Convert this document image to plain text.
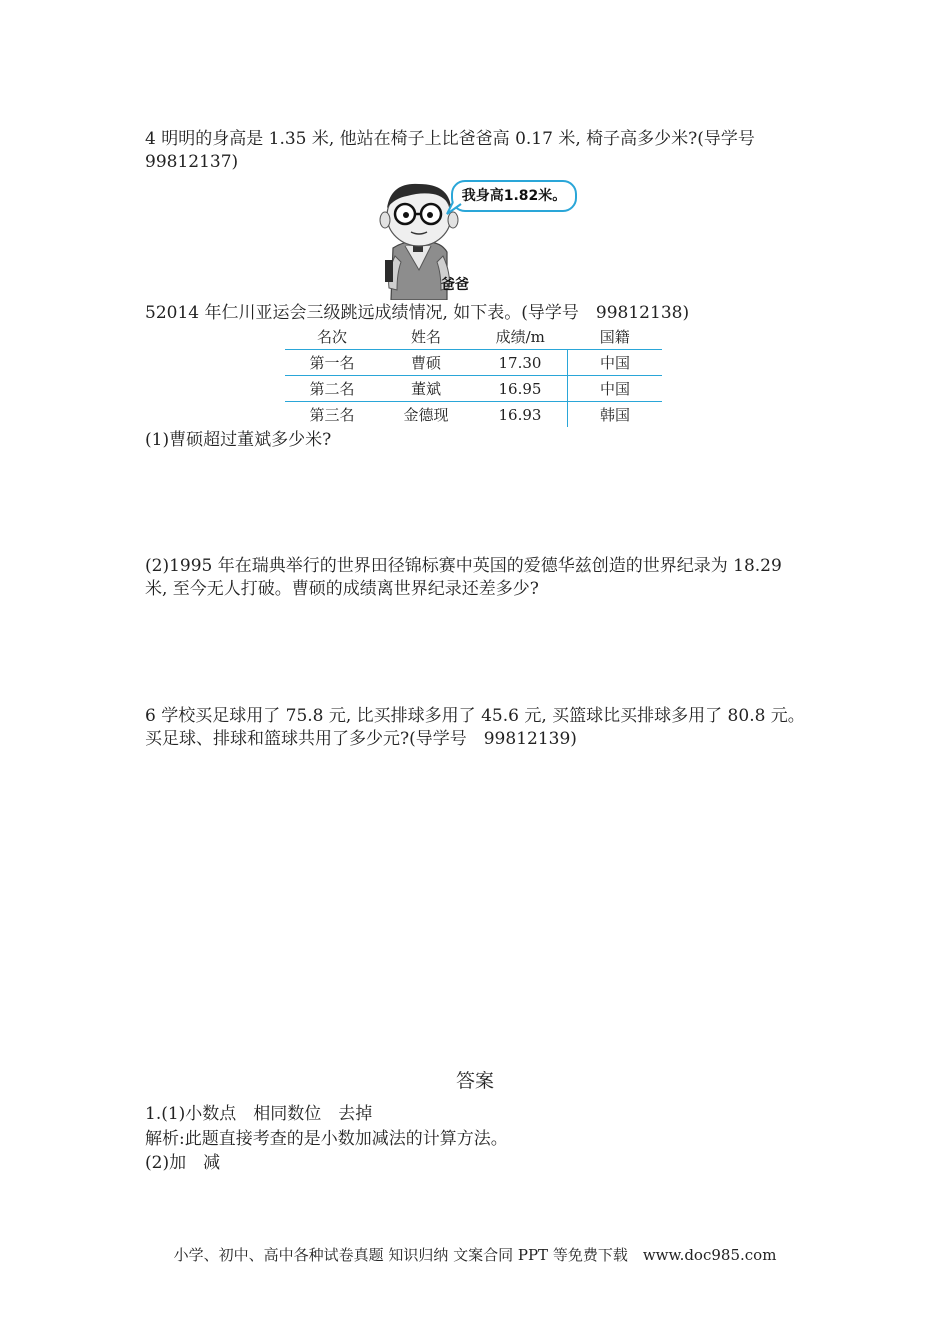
4 明明的身高是 1.35 米, 他站在椅子上比爸爸高 0.17 米, 椅子高多少米?(导学号 99812137)

我身高1.82米。
爸爸

52014 年仁川亚运会三级跳远成绩情况, 如下表。(导学号　99812138)

名次	姓名	成绩/m	国籍
第一名	曹硕	17.30	中国
第二名	董斌	16.95	中国
第三名	金德现	16.93	韩国

(1)曹硕超过董斌多少米?

(2)1995 年在瑞典举行的世界田径锦标赛中英国的爱德华兹创造的世界纪录为 18.29 米, 至今无人打破。曹硕的成绩离世界纪录还差多少?

6 学校买足球用了 75.8 元, 比买排球多用了 45.6 元, 买篮球比买排球多用了 80.8 元。买足球、排球和篮球共用了多少元?(导学号　99812139)

答案

1.(1)小数点　相同数位　去掉

解析:此题直接考查的是小数加减法的计算方法。

(2)加　减

小学、初中、高中各种试卷真题 知识归纳 文案合同 PPT 等免费下载　www.doc985.com
